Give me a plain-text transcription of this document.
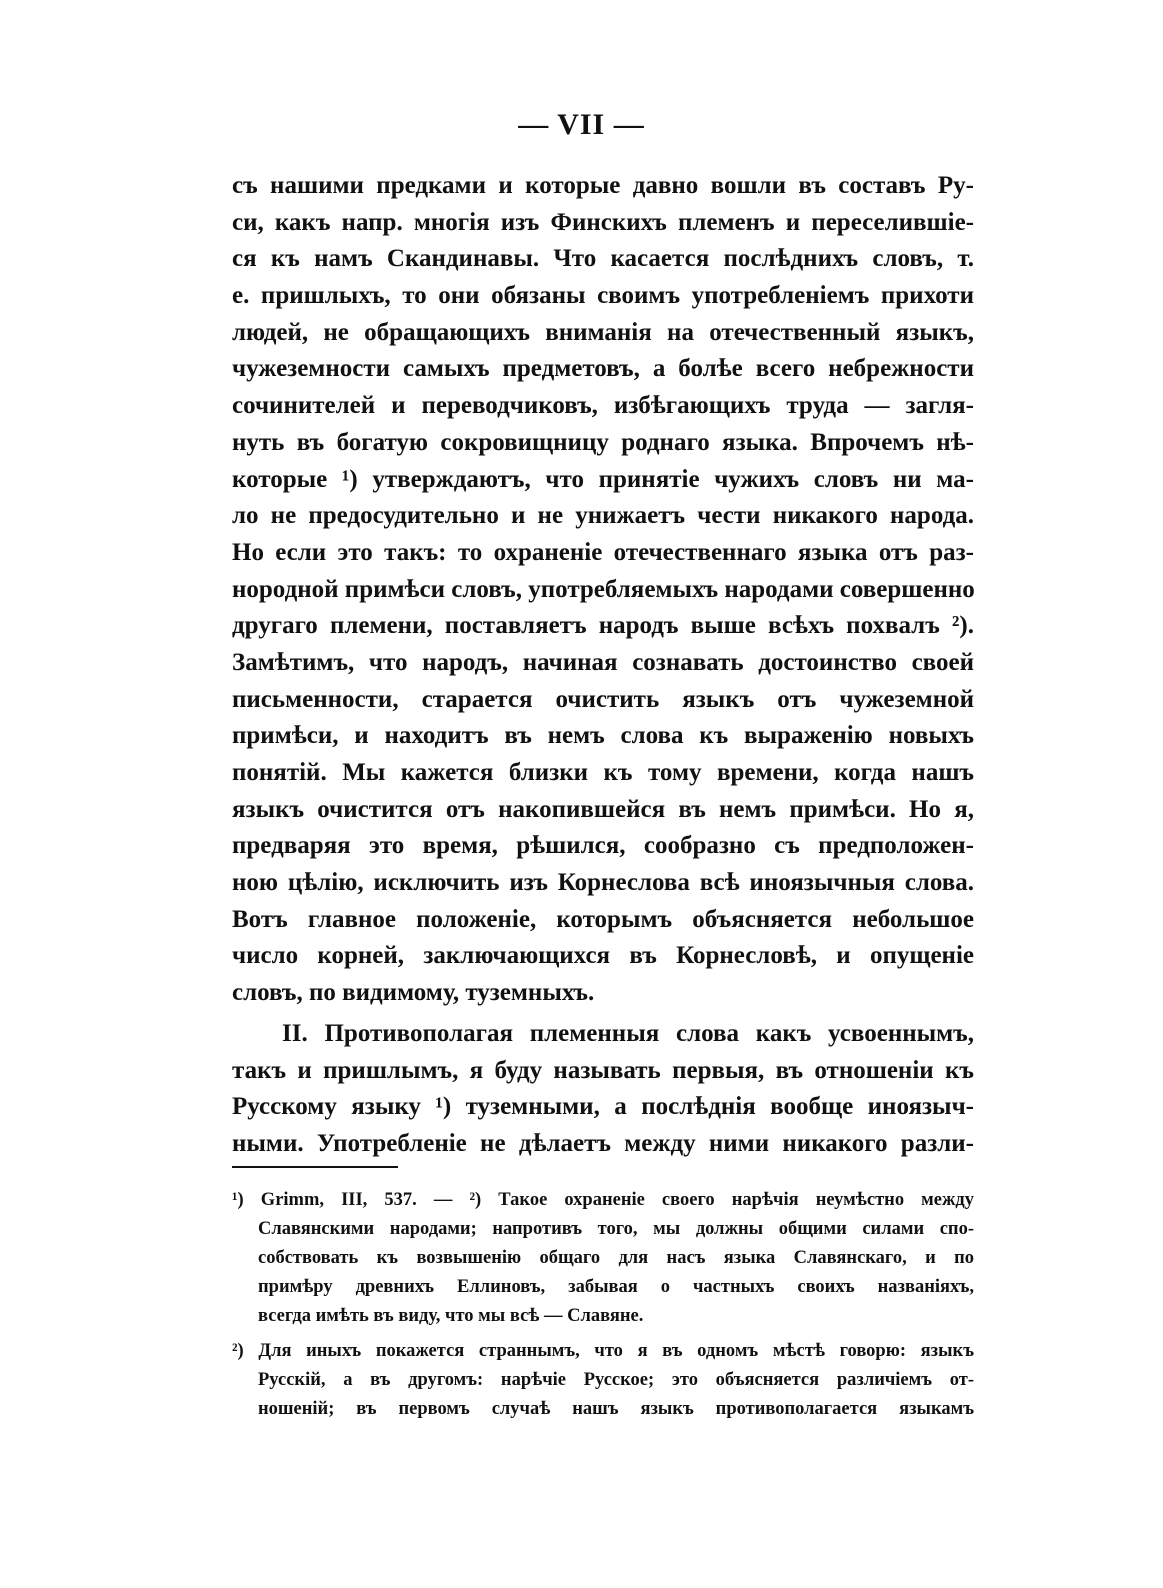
— VII —
съ нашими предками и которые давно вошли въ составъ Ру-
си, какъ напр. многія изъ Финскихъ племенъ и переселившіе-
ся къ намъ Скандинавы. Что касается послѣднихъ словъ, т.
е. пришлыхъ, то они обязаны своимъ употребленіемъ прихоти
людей, не обращающихъ вниманія на отечественный языкъ,
чужеземности самыхъ предметовъ, а болѣе всего небрежности
сочинителей и переводчиковъ, избѣгающихъ труда — загля-
нуть въ богатую сокровищницу роднаго языка. Впрочемъ нѣ-
которые ¹) утверждаютъ, что принятіе чужихъ словъ ни ма-
ло не предосудительно и не унижаетъ чести никакого народа.
Но если это такъ: то охраненіе отечественнаго языка отъ раз-
нородной примѣси словъ, употребляемыхъ народами совершенно
другаго племени, поставляетъ народъ выше всѣхъ похвалъ ²).
Замѣтимъ, что народъ, начиная сознавать достоинство своей
письменности, старается очистить языкъ отъ чужеземной
примѣси, и находитъ въ немъ слова къ выраженію новыхъ
понятій. Мы кажется близки къ тому времени, когда нашъ
языкъ очистится отъ накопившейся въ немъ примѣси. Но я,
предваряя это время, рѣшился, сообразно съ предположен-
ною цѣлію, исключить изъ Корнеслова всѣ иноязычныя слова.
Вотъ главное положеніе, которымъ объясняется небольшое
число корней, заключающихся въ Корнесловѣ, и опущеніе
словъ, по видимому, туземныхъ.
II. Противополагая племенныя слова какъ усвоеннымъ,
такъ и пришлымъ, я буду называть первыя, въ отношеніи къ
Русскому языку ¹) туземными, а послѣднія вообще иноязыч-
ными. Употребленіе не дѣлаетъ между ними никакого разли-
¹) Grimm, III, 537. — ²) Такое охраненіе своего нарѣчія неумѣстно между
Славянскими народами; напротивъ того, мы должны общими силами спо-
собствовать къ возвышенію общаго для насъ языка Славянскаго, и по
примѣру древнихъ Еллиновъ, забывая о частныхъ своихъ названіяхъ,
всегда имѣть въ виду, что мы всѣ — Славяне.
²) Для иныхъ покажется страннымъ, что я въ одномъ мѣстѣ говорю: языкъ
Русскій, а въ другомъ: нарѣчіе Русское; это объясняется различіемъ от-
ношеній; въ первомъ случаѣ нашъ языкъ противополагается языкамъ
